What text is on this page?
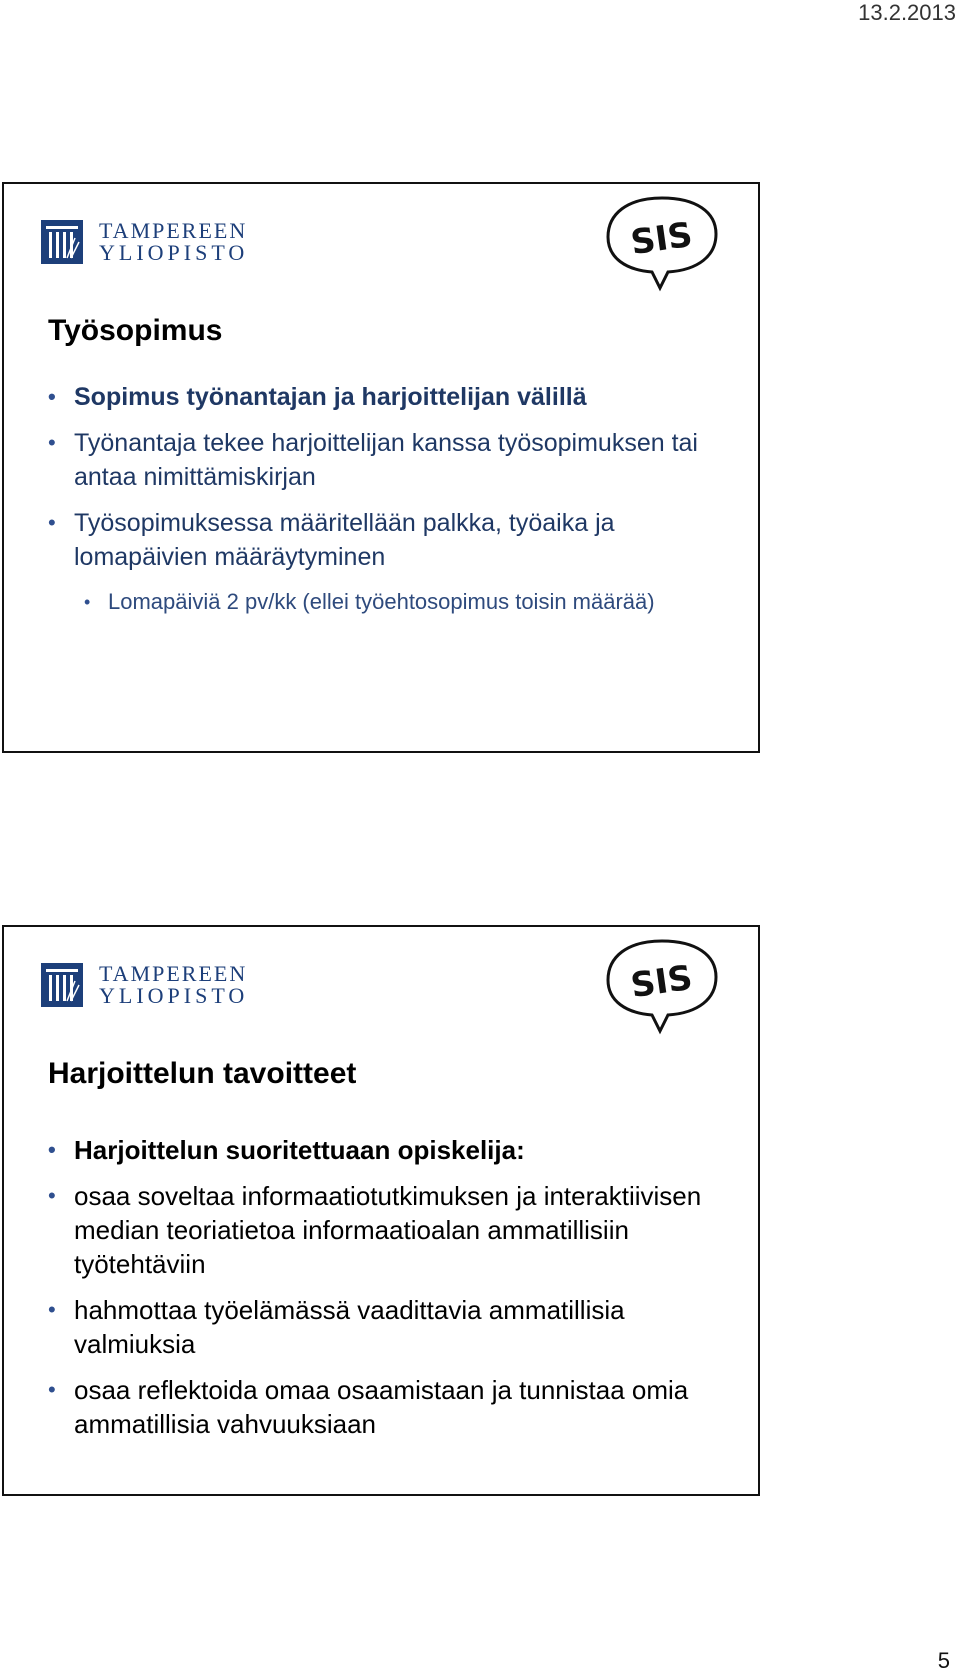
13.2.2013
TAMPEREEN
YLIOPISTO	SIS
Työsopimus
• Sopimus työnantajan ja harjoittelijan välillä
• Työnantaja tekee harjoittelijan kanssa työsopimuksen tai antaa nimittämiskirjan
• Työsopimuksessa määritellään palkka, työaika ja lomapäivien määräytyminen
• Lomapäiviä 2 pv/kk (ellei työehtosopimus toisin määrää)
TAMPEREEN
YLIOPISTO	SIS
Harjoittelun tavoitteet
• Harjoittelun suoritettuaan opiskelija:
• osaa soveltaa informaatiotutkimuksen ja interaktiivisen median teoriatietoa informaatioalan ammatillisiin työtehtäviin
• hahmottaa työelämässä vaadittavia ammatillisia valmiuksia
• osaa reflektoida omaa osaamistaan ja tunnistaa omia ammatillisia vahvuuksiaan
5
